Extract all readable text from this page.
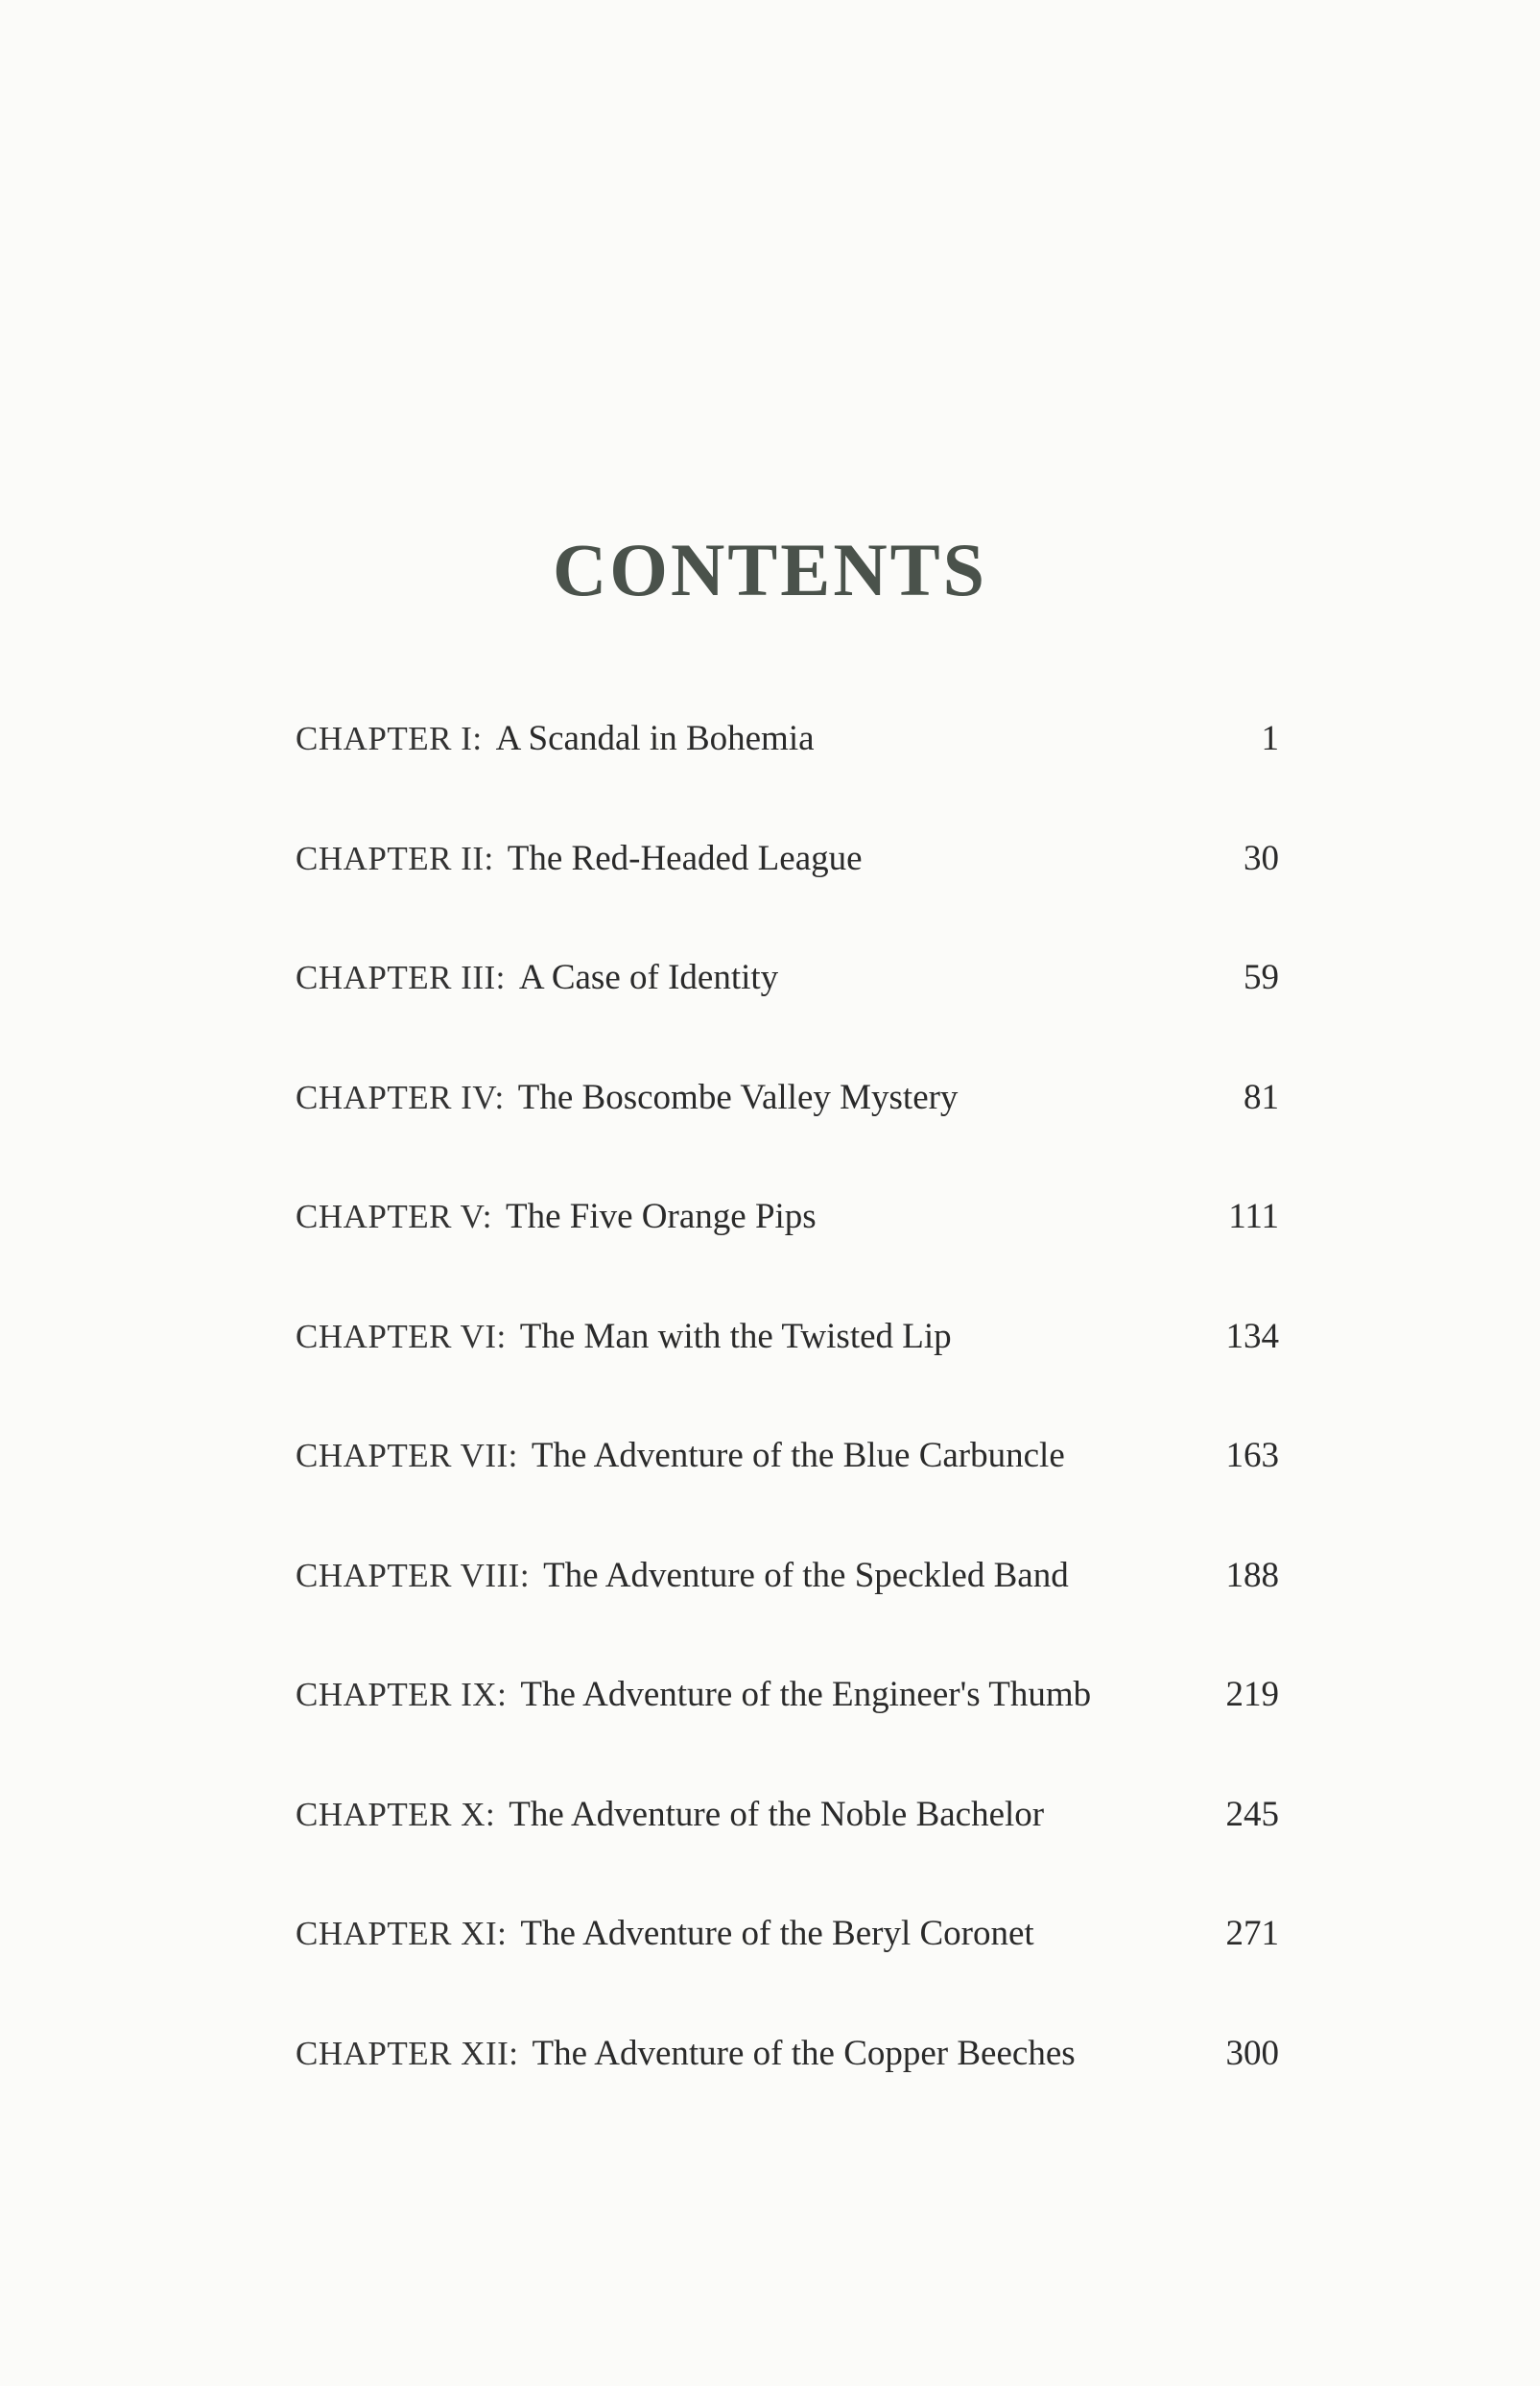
CONTENTS
CHAPTER I: A Scandal in Bohemia	1
CHAPTER II: The Red-Headed League	30
CHAPTER III: A Case of Identity	59
CHAPTER IV: The Boscombe Valley Mystery	81
CHAPTER V: The Five Orange Pips	111
CHAPTER VI: The Man with the Twisted Lip	134
CHAPTER VII: The Adventure of the Blue Carbuncle	163
CHAPTER VIII: The Adventure of the Speckled Band	188
CHAPTER IX: The Adventure of the Engineer's Thumb	219
CHAPTER X: The Adventure of the Noble Bachelor	245
CHAPTER XI: The Adventure of the Beryl Coronet	271
CHAPTER XII: The Adventure of the Copper Beeches	300
